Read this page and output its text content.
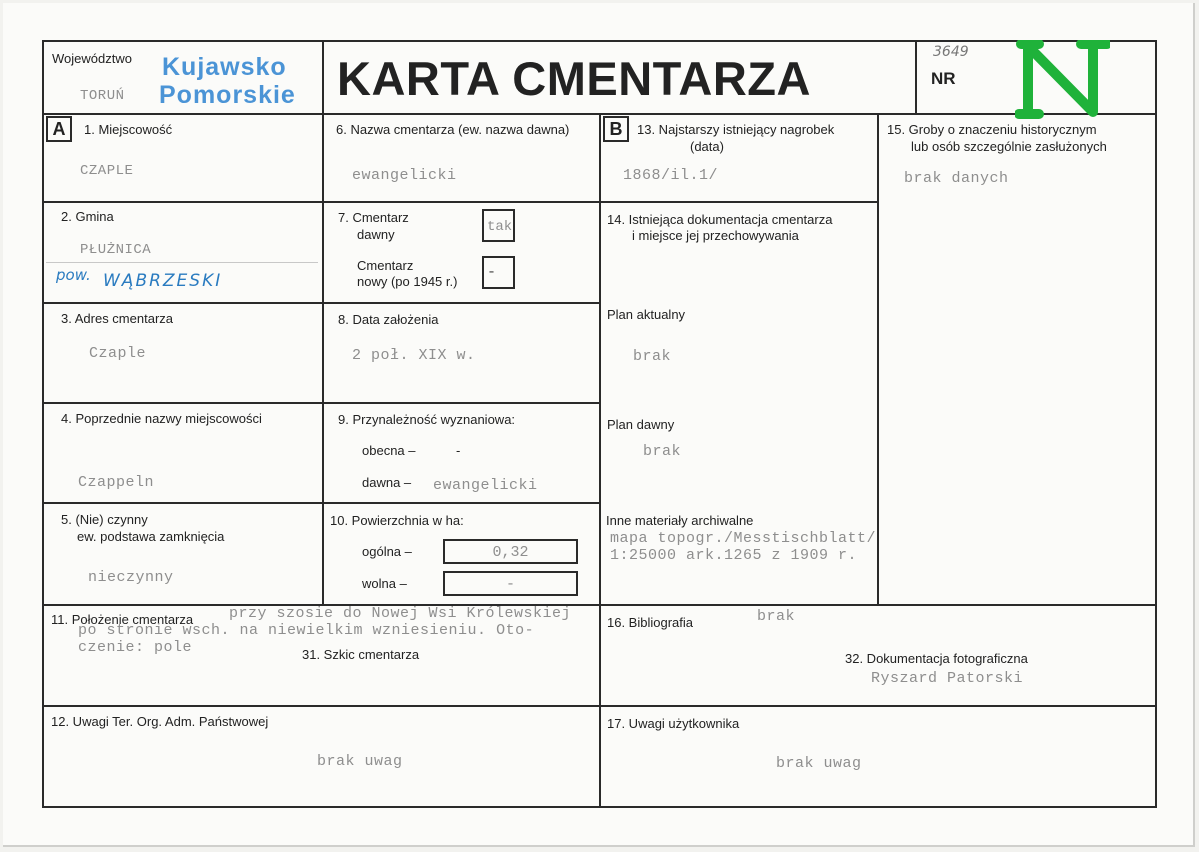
Województwo
TORUŃ
Kujawsko
Pomorskie KARTA CMENTARZA	NR
3649
A	B
1. Miejscowość
CZAPLE
6. Nazwa cmentarza (ew. nazwa dawna)
ewangelicki
13. Najstarszy istniejący nagrobek
(data)
1868/il.1/
15. Groby o znaczeniu historycznym
lub osób szczególnie zasłużonych
brak danych
2. Gmina
PŁUŻNICA
pow. WĄBRZESKI
7. Cmentarz
dawny	tak
Cmentarz
nowy (po 1945 r.)
-
14. Istniejąca dokumentacja cmentarza
i miejsce jej przechowywania
Plan aktualny
brak
Plan dawny
brak
Inne materiały archiwalne
mapa topogr./Messtischblatt/
1:25000 ark.1265 z 1909 r.
3. Adres cmentarza
Czaple
8. Data założenia
2 poł. XIX w.
4. Poprzednie nazwy miejscowości
Czappeln
9. Przynależność wyznaniowa:
obecna –	-
dawna – ewangelicki
5. (Nie) czynny
ew. podstawa zamknięcia
nieczynny
10. Powierzchnia w ha:
ogólna –	0,32
wolna –	-
11. Położenie cmentarza przy szosie do Nowej Wsi Królewskiej
po stronie wsch. na niewielkim wzniesieniu. Oto-
czenie: pole	31. Szkic cmentarza
16. Bibliografia	brak
32. Dokumentacja fotograficzna
Ryszard Patorski
12. Uwagi Ter. Org. Adm. Państwowej
brak uwag
17. Uwagi użytkownika
brak uwag
